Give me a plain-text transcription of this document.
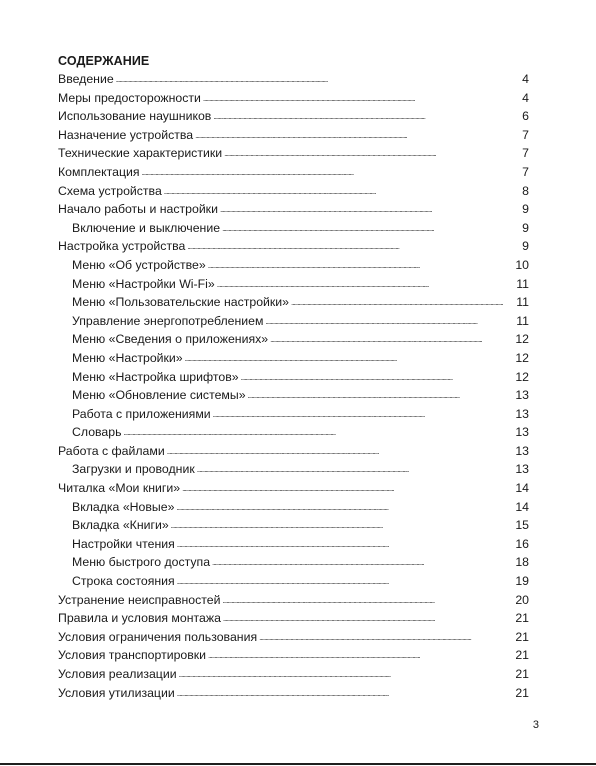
СОДЕРЖАНИЕ
Введение . . .	4
Меры предосторожности . . .	4
Использование наушников . . .	6
Назначение устройства . . .	7
Технические характеристики . . .	7
Комплектация . . .	7
Схема устройства . . .	8
Начало работы и настройки . . .	9
Включение и выключение . . .	9
Настройка устройства . . .	9
Меню «Об устройстве» . . .	10
Меню «Настройки Wi-Fi» . . .	11
Меню «Пользовательские настройки» . . .	11
Управление энергопотреблением . . .	11
Меню «Сведения о приложениях» . . .	12
Меню «Настройки» . . .	12
Меню «Настройка шрифтов» . . .	12
Меню «Обновление системы» . . .	13
Работа с приложениями . . .	13
Словарь . . .	13
Работа с файлами . . .	13
Загрузки и проводник . . .	13
Читалка «Мои книги» . . .	14
Вкладка «Новые» . . .	14
Вкладка «Книги» . . .	15
Настройки чтения . . .	16
Меню быстрого доступа . . .	18
Строка состояния . . .	19
Устранение неисправностей . . .	20
Правила и условия монтажа . . .	21
Условия ограничения пользования . . .	21
Условия транспортировки . . .	21
Условия реализации . . .	21
Условия утилизации . . .	21
3
